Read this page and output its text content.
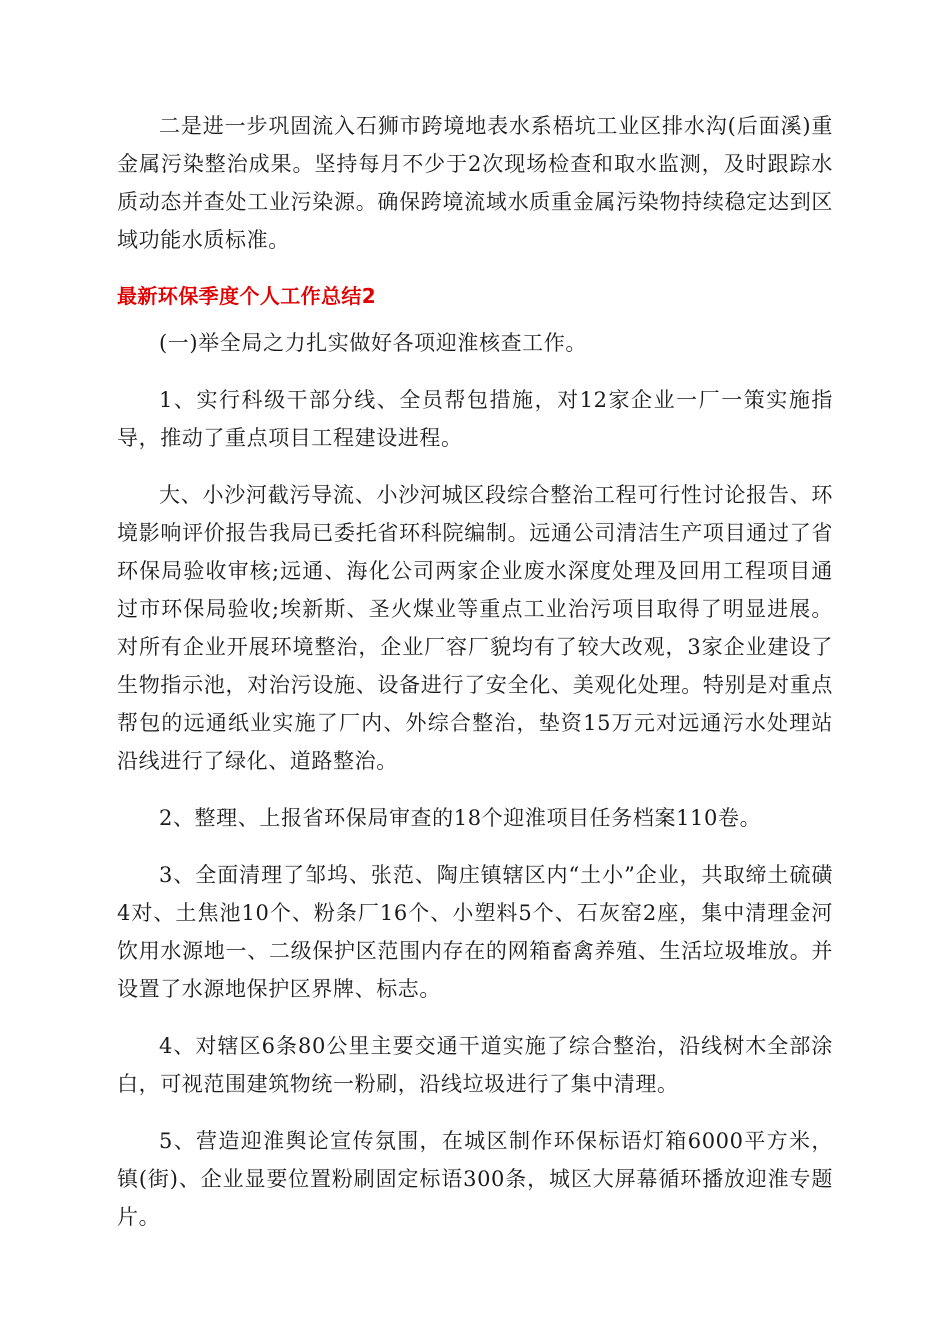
二是进一步巩固流入石狮市跨境地表水系梧坑工业区排水沟(后面溪)重金属污染整治成果。坚持每月不少于2次现场检查和取水监测，及时跟踪水质动态并查处工业污染源。确保跨境流域水质重金属污染物持续稳定达到区域功能水质标准。

最新环保季度个人工作总结2

(一)举全局之力扎实做好各项迎淮核查工作。

1、实行科级干部分线、全员帮包措施，对12家企业一厂一策实施指导，推动了重点项目工程建设进程。

大、小沙河截污导流、小沙河城区段综合整治工程可行性讨论报告、环境影响评价报告我局已委托省环科院编制。远通公司清洁生产项目通过了省环保局验收审核;远通、海化公司两家企业废水深度处理及回用工程项目通过市环保局验收;埃新斯、圣火煤业等重点工业治污项目取得了明显进展。对所有企业开展环境整治，企业厂容厂貌均有了较大改观，3家企业建设了生物指示池，对治污设施、设备进行了安全化、美观化处理。特别是对重点帮包的远通纸业实施了厂内、外综合整治，垫资15万元对远通污水处理站沿线进行了绿化、道路整治。

2、整理、上报省环保局审查的18个迎淮项目任务档案110卷。

3、全面清理了邹坞、张范、陶庄镇辖区内“土小”企业，共取缔土硫磺4对、土焦池10个、粉条厂16个、小塑料5个、石灰窑2座，集中清理金河饮用水源地一、二级保护区范围内存在的网箱畜禽养殖、生活垃圾堆放。并设置了水源地保护区界牌、标志。

4、对辖区6条80公里主要交通干道实施了综合整治，沿线树木全部涂白，可视范围建筑物统一粉刷，沿线垃圾进行了集中清理。

5、营造迎淮舆论宣传氛围，在城区制作环保标语灯箱6000平方米，镇(街)、企业显要位置粉刷固定标语300条，城区大屏幕循环播放迎淮专题片。
